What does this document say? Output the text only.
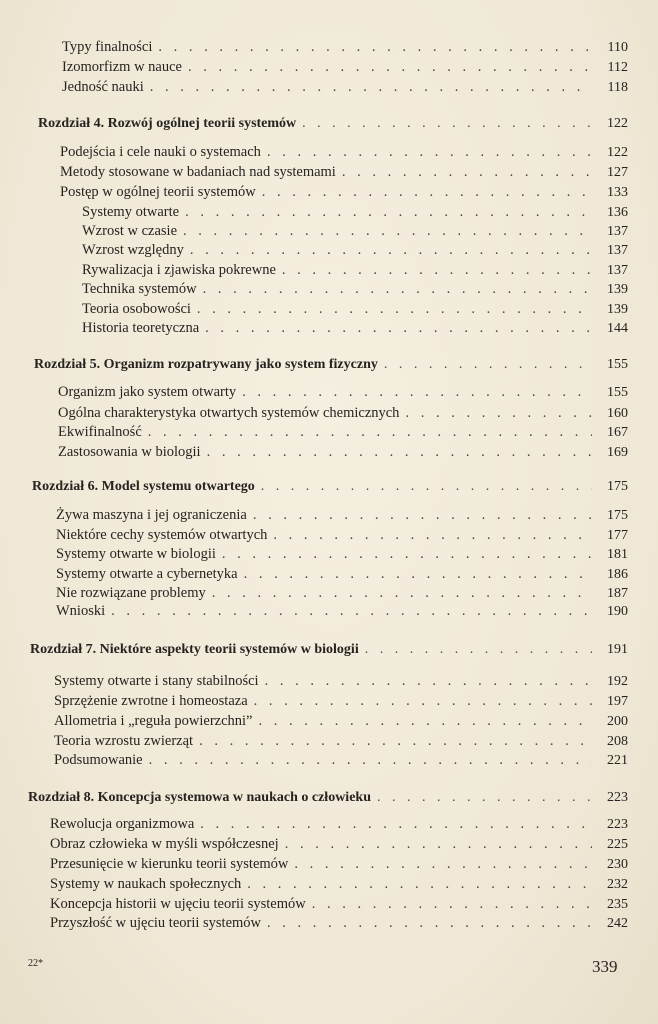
Typy finalności . . .	110
Izomorfizm w nauce . . .	112
Jedność nauki . . .	118
Rozdział 4. Rozwój ogólnej teorii systemów . . .	122
Podejścia i cele nauki o systemach . . .	122
Metody stosowane w badaniach nad systemami . . .	127
Postęp w ogólnej teorii systemów . . .	133
Systemy otwarte . . .	136
Wzrost w czasie . . .	137
Wzrost względny . . .	137
Rywalizacja i zjawiska pokrewne . . .	137
Technika systemów . . .	139
Teoria osobowości . . .	139
Historia teoretyczna . . .	144
Rozdział 5. Organizm rozpatrywany jako system fizyczny . . .	155
Organizm jako system otwarty . . .	155
Ogólna charakterystyka otwartych systemów chemicznych . . .	160
Ekwifinalność . . .	167
Zastosowania w biologii . . .	169
Rozdział 6. Model systemu otwartego . . .	175
Żywa maszyna i jej ograniczenia . . .	175
Niektóre cechy systemów otwartych . . .	177
Systemy otwarte w biologii . . .	181
Systemy otwarte a cybernetyka . . .	186
Nie rozwiązane problemy . . .	187
Wnioski . . .	190
Rozdział 7. Niektóre aspekty teorii systemów w biologii . . .	191
Systemy otwarte i stany stabilności . . .	192
Sprzężenie zwrotne i homeostaza . . .	197
Allometria i „reguła powierzchni” . . .	200
Teoria wzrostu zwierząt . . .	208
Podsumowanie . . .	221
Rozdział 8. Koncepcja systemowa w naukach o człowieku . . .	223
Rewolucja organizmowa . . .	223
Obraz człowieka w myśli współczesnej . . .	225
Przesunięcie w kierunku teorii systemów . . .	230
Systemy w naukach społecznych . . .	232
Koncepcja historii w ujęciu teorii systemów . . .	235
Przyszłość w ujęciu teorii systemów . . .	242
22*	339
